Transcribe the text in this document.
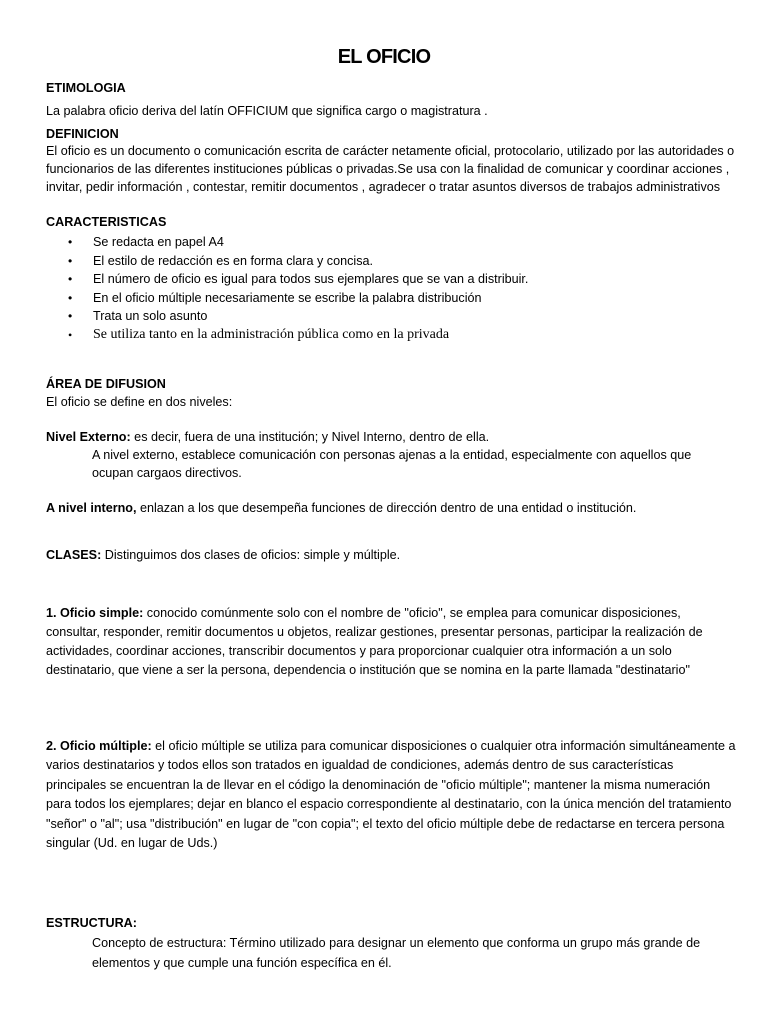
EL OFICIO
ETIMOLOGIA
La palabra oficio deriva del latín OFFICIUM que significa cargo o magistratura .
DEFINICION
El oficio es un documento o comunicación escrita de carácter netamente oficial, protocolario, utilizado por las autoridades o funcionarios de las diferentes instituciones públicas o privadas.Se usa con la finalidad de comunicar y coordinar acciones , invitar, pedir información , contestar, remitir documentos , agradecer o tratar asuntos diversos de trabajos administrativos
CARACTERISTICAS
• Se redacta en papel A4
• El estilo de redacción es en forma clara y concisa.
• El número de oficio es igual para todos sus ejemplares que se van a distribuir.
• En el oficio múltiple necesariamente se escribe la palabra distribución
• Trata un solo asunto
• Se utiliza tanto en la administración pública como en la privada
ÁREA DE DIFUSION
El oficio se define en dos niveles:
Nivel Externo: es decir, fuera de una institución; y Nivel Interno, dentro de ella.
A nivel externo, establece comunicación con personas ajenas a la entidad, especialmente con aquellos que ocupan cargaos directivos.
A nivel interno, enlazan a los que desempeña funciones de dirección dentro de una entidad o institución.
CLASES: Distinguimos dos clases de oficios: simple y múltiple.
1. Oficio simple: conocido comúnmente solo con el nombre de "oficio", se emplea para comunicar disposiciones, consultar, responder, remitir documentos u objetos, realizar gestiones, presentar personas, participar la realización de actividades, coordinar acciones, transcribir documentos y para proporcionar cualquier otra información a un solo destinatario, que viene a ser la persona, dependencia o institución que se nomina en la parte llamada "destinatario"
2. Oficio múltiple: el oficio múltiple se utiliza para comunicar disposiciones o cualquier otra información simultáneamente a varios destinatarios y todos ellos son tratados en igualdad de condiciones, además dentro de sus características principales se encuentran la de llevar en el código la denominación de "oficio múltiple"; mantener la misma numeración para todos los ejemplares; dejar en blanco el espacio correspondiente al destinatario, con la única mención del tratamiento "señor" o "al"; usa "distribución" en lugar de "con copia"; el texto del oficio múltiple debe de redactarse en tercera persona singular (Ud. en lugar de Uds.)
ESTRUCTURA:
Concepto de estructura: Término utilizado para designar un elemento que conforma un grupo más grande de elementos y que cumple una función específica en él.
